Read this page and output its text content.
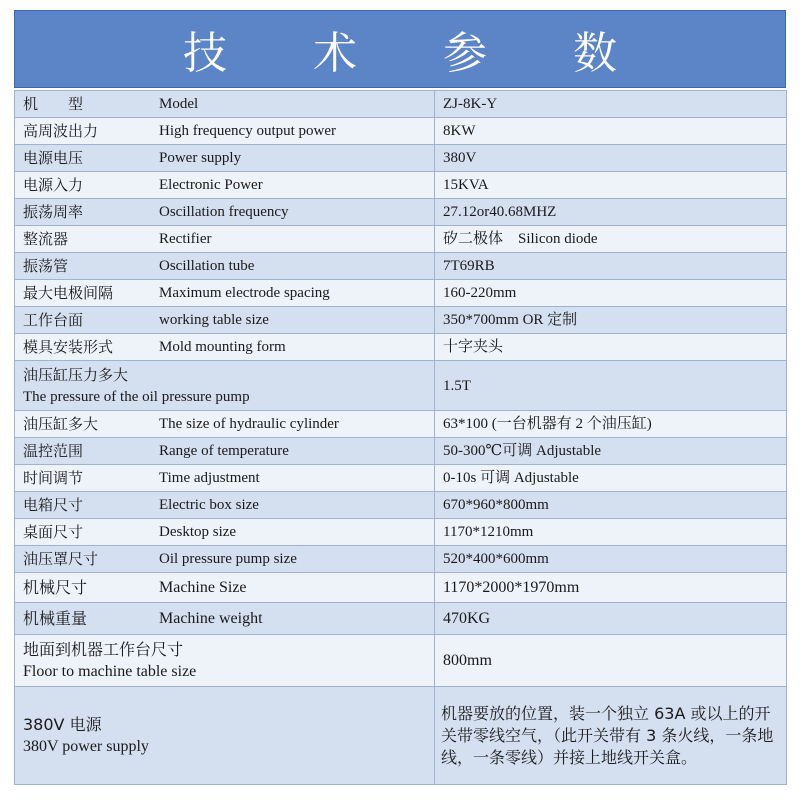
技	术	参	数
机　　型 Model	ZJ-8K-Y

高周波出力 High frequency output power	8KW

电源电压 Power supply	380V

电源入力 Electronic Power	15KVA

振荡周率 Oscillation frequency	27.12or40.68MHZ

整流器 Rectifier	矽二极体　Silicon diode

振荡管 Oscillation tube	7T69RB

最大电极间隔 Maximum electrode spacing	160-220mm

工作台面 working table size	350*700mm OR 定制

模具安装形式 Mold mounting form	十字夹头

油压缸压力多大
The pressure of the oil pressure pump	1.5T

油压缸多大 The size of hydraulic cylinder	63*100 (一台机器有 2 个油压缸)

温控范围 Range of temperature	50-300℃可调 Adjustable

时间调节 Time adjustment	0-10s 可调 Adjustable

电箱尺寸 Electric box size	670*960*800mm

桌面尺寸 Desktop size	1170*1210mm

油压罩尺寸 Oil pressure pump size	520*400*600mm

机械尺寸 Machine Size	1170*2000*1970mm

机械重量 Machine weight	470KG

地面到机器工作台尺寸
Floor to machine table size	800mm

380V 电源
380V power supply	机器要放的位置，装一个独立 63A 或以上的开关带零线空气，（此开关带有 3 条火线，一条地线，一条零线）并接上地线开关盒。
